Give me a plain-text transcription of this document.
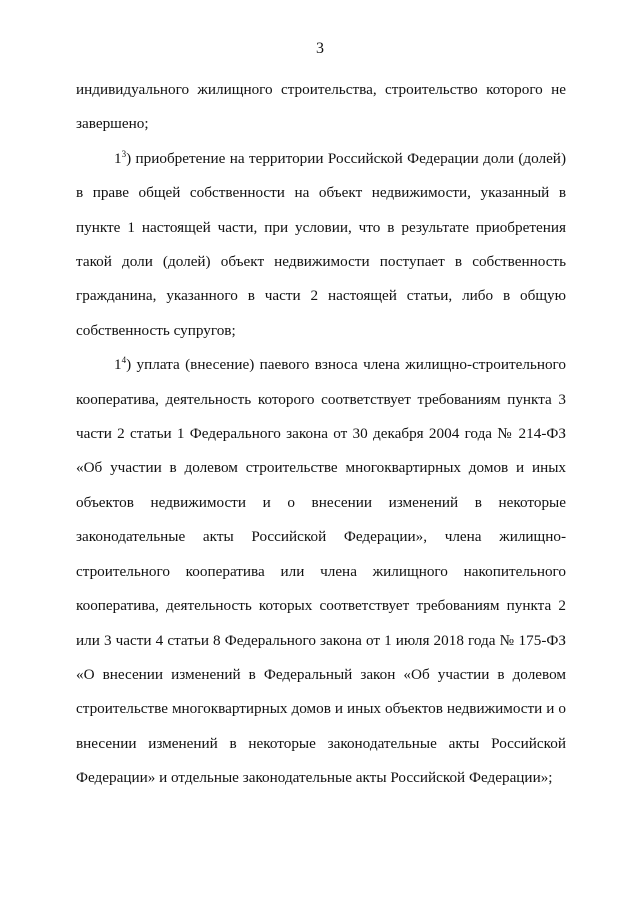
3

индивидуального жилищного строительства, строительство которого не завершено;

$1^3$) приобретение на территории Российской Федерации доли (долей) в праве общей собственности на объект недвижимости, указанный в пункте 1 настоящей части, при условии, что в результате приобретения такой доли (долей) объект недвижимости поступает в собственность гражданина, указанного в части 2 настоящей статьи, либо в общую собственность супругов;

$1^4$) уплата (внесение) паевого взноса члена жилищно-строительного кооператива, деятельность которого соответствует требованиям пункта 3 части 2 статьи 1 Федерального закона от 30 декабря 2004 года № 214-ФЗ «Об участии в долевом строительстве многоквартирных домов и иных объектов недвижимости и о внесении изменений в некоторые законодательные акты Российской Федерации», члена жилищно-строительного кооператива или члена жилищного накопительного кооператива, деятельность которых соответствует требованиям пункта 2 или 3 части 4 статьи 8 Федерального закона от 1 июля 2018 года № 175-ФЗ «О внесении изменений в Федеральный закон «Об участии в долевом строительстве многоквартирных домов и иных объектов недвижимости и о внесении изменений в некоторые законодательные акты Российской Федерации» и отдельные законодательные акты Российской Федерации»;
